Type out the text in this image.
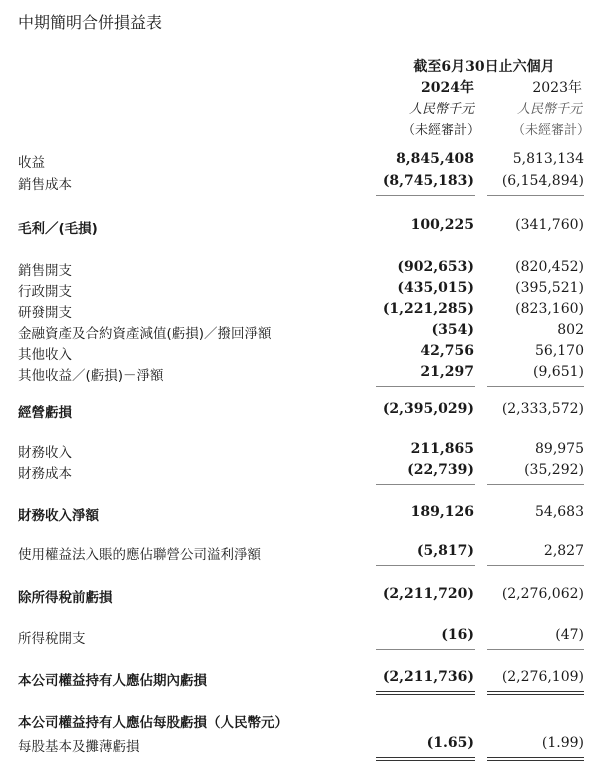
中期簡明合併損益表
截至6月30日止六個月
2024年	2023年
人民幣千元	人民幣千元
（未經審計） （未經審計）
收益	8,845,408	5,813,134
銷售成本	(8,745,183) (6,154,894)
毛利／(毛損)	100,225	(341,760)
銷售開支	(902,653)	(820,452)
行政開支	(435,015)	(395,521)
研發開支	(1,221,285)	(823,160)
金融資產及合約資產減值(虧損)／撥回淨額	(354)	802
其他收入	42,756	56,170
其他收益／(虧損)－淨額	21,297	(9,651)
經營虧損	(2,395,029) (2,333,572)
財務收入	211,865	89,975
財務成本	(22,739)	(35,292)
財務收入淨額	189,126	54,683
使用權益法入賬的應佔聯營公司溢利淨額	(5,817)	2,827
除所得稅前虧損	(2,211,720) (2,276,062)
所得稅開支	(16)	(47)
本公司權益持有人應佔期內虧損	(2,211,736) (2,276,109)
本公司權益持有人應佔每股虧損（人民幣元）
每股基本及攤薄虧損	(1.65)	(1.99)
